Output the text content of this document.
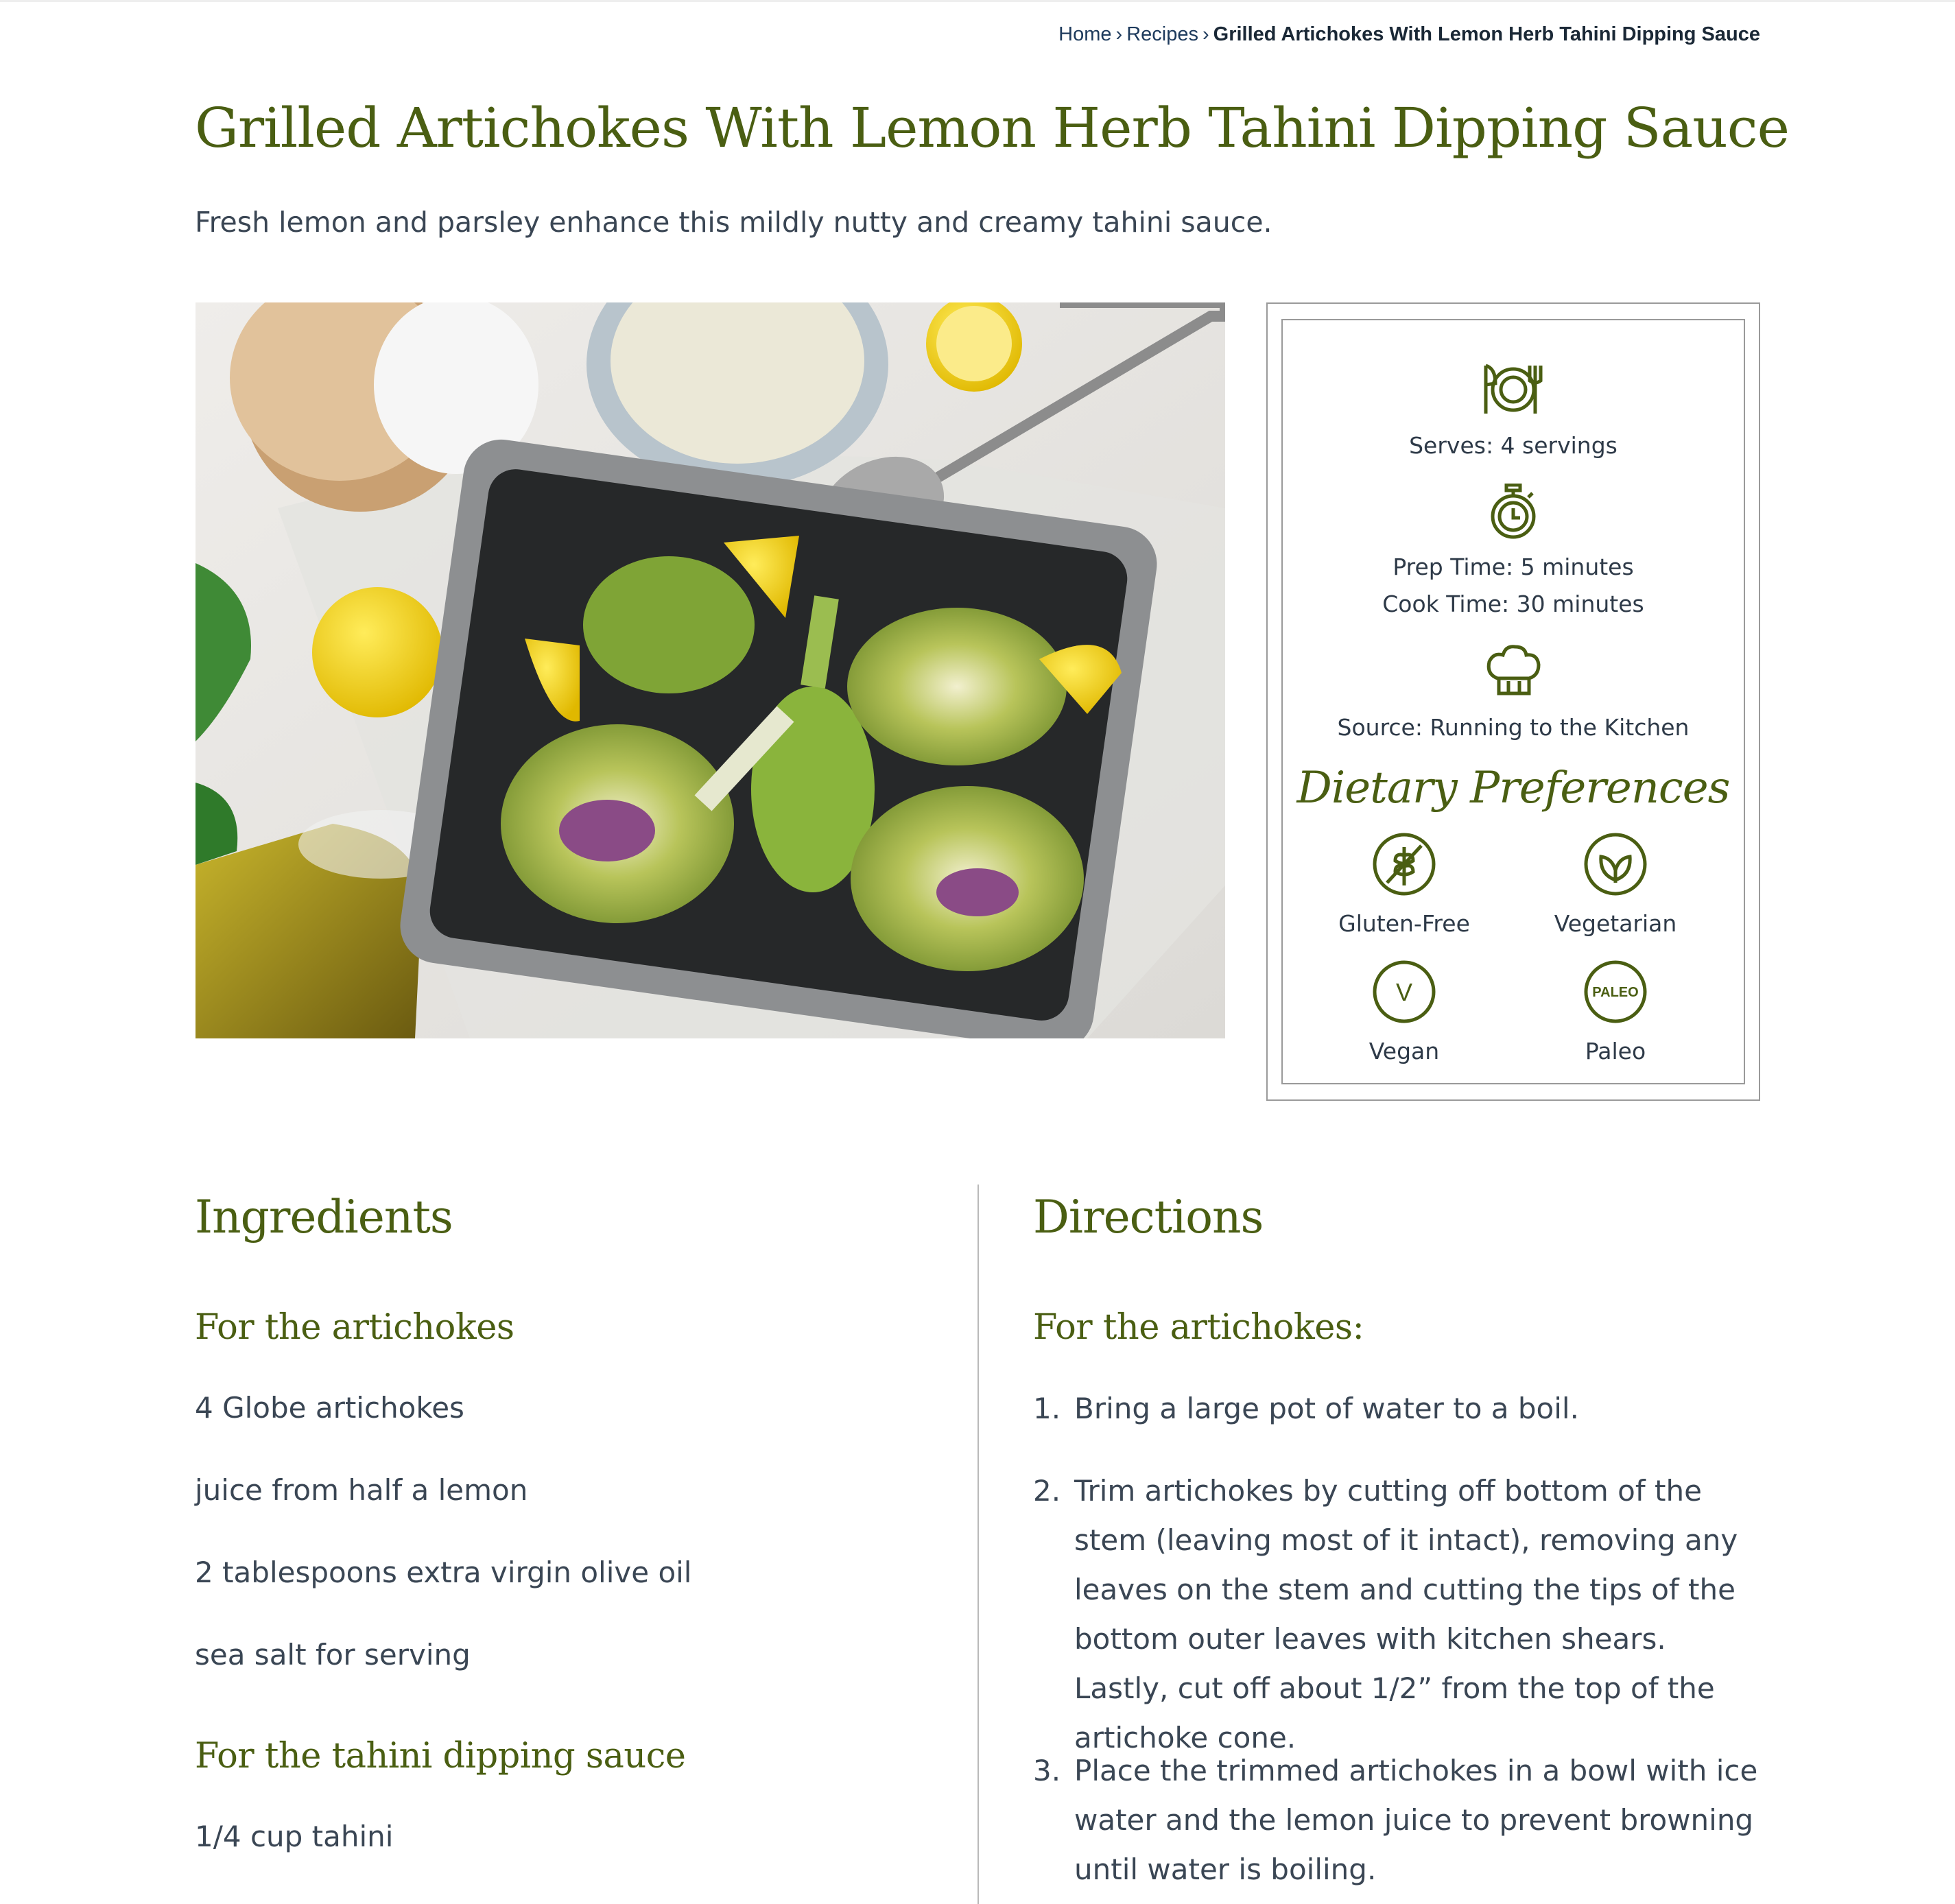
Home › Recipes › Grilled Artichokes With Lemon Herb Tahini Dipping Sauce
Grilled Artichokes With Lemon Herb Tahini Dipping Sauce

Fresh lemon and parsley enhance this mildly nutty and creamy tahini sauce.

Serves: 4 servings
Prep Time: 5 minutes
Cook Time: 30 minutes
Source: Running to the Kitchen
Dietary Preferences
Gluten-Free	Vegetarian
V
Vegan
PALEO
Paleo
Ingredients
For the artichokes

4 Globe artichokes

juice from half a lemon

2 tablespoons extra virgin olive oil

sea salt for serving

For the tahini dipping sauce

1/4 cup tahini

Directions
For the artichokes:
1. Bring a large pot of water to a boil.
2. Trim artichokes by cutting off bottom of the stem (leaving most of it intact), removing any leaves on the stem and cutting the tips of the bottom outer leaves with kitchen shears. Lastly, cut off about 1/2” from the top of the artichoke cone.
3. Place the trimmed artichokes in a bowl with ice water and the lemon juice to prevent browning until water is boiling.
